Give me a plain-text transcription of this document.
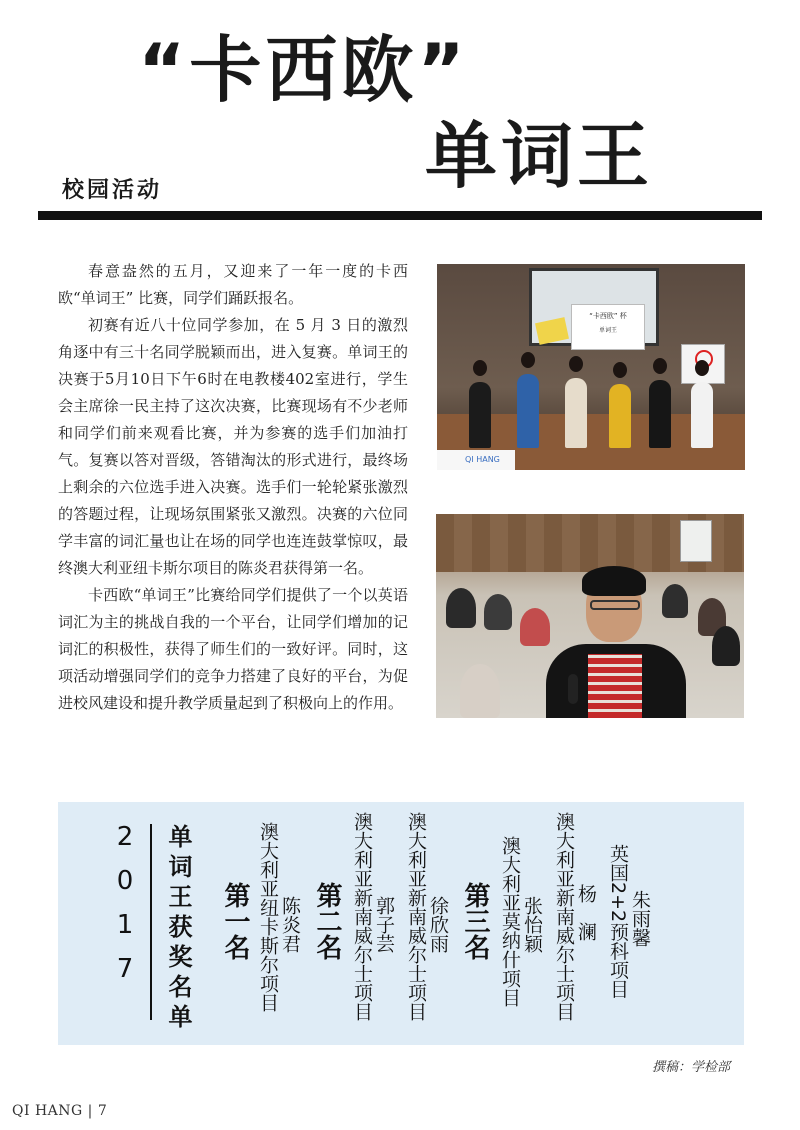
“卡西欧”
单词王
校园活动

春意盎然的五月，又迎来了一年一度的卡西欧“单词王” 比赛，同学们踊跃报名。

初赛有近八十位同学参加，在 5 月 3 日的激烈角逐中有三十名同学脱颖而出，进入复赛。单词王的决赛于5月10日下午6时在电教楼402室进行，学生会主席徐一民主持了这次决赛，比赛现场有不少老师和同学们前来观看比赛，并为参赛的选手们加油打气。复赛以答对晋级，答错淘汰的形式进行，最终场上剩余的六位选手进入决赛。选手们一轮轮紧张激烈的答题过程，让现场氛围紧张又激烈。决赛的六位同学丰富的词汇量也让在场的同学也连连鼓掌惊叹，最终澳大利亚纽卡斯尔项目的陈炎君获得第一名。

卡西欧“单词王”比赛给同学们提供了一个以英语词汇为主的挑战自我的一个平台，让同学们增加的记词汇的积极性，获得了师生们的一致好评。同时，这项活动增强同学们的竞争力搭建了良好的平台，为促进校风建设和提升教学质量起到了积极向上的作用。

“卡西欧” 杯
单词王
QI HANG
2017 单词王获奖名单	澳大利亚纽卡斯尔项目 陈炎君
第一名 第二名 澳大利亚新南威尔士项目 郭子芸 澳大利亚新南威尔士项目 徐欣雨 第三名 澳大利亚莫纳什项目 张怡颖 澳大利亚新南威尔士项目 杨　澜 英国2+2预科项目 朱雨馨
撰稿：学检部
QI HANG | 7
